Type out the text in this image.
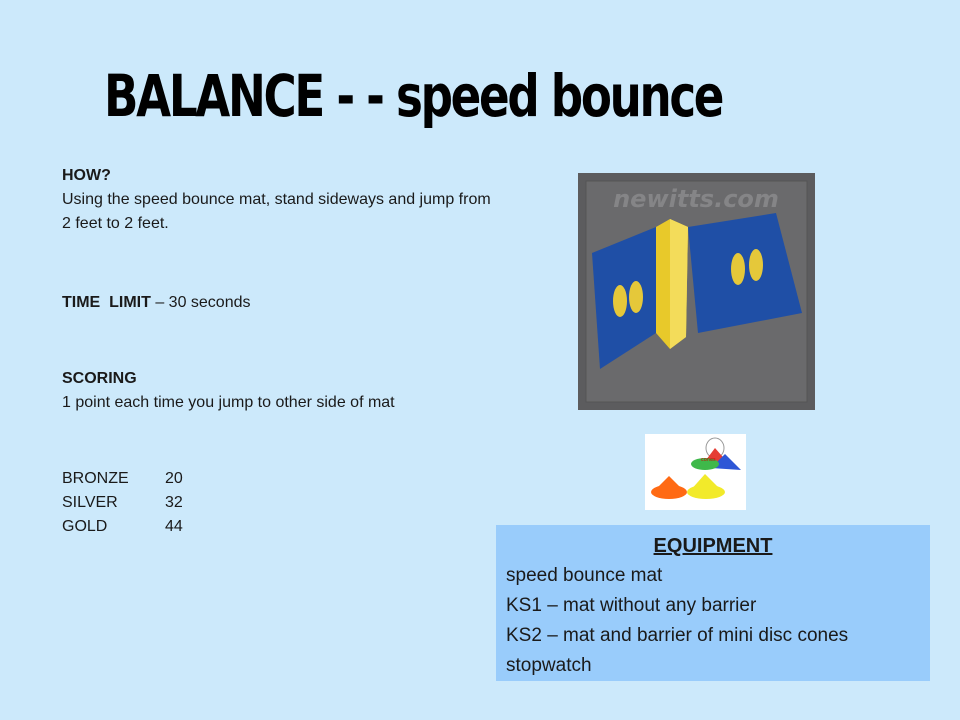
BALANCE - - speed bounce
HOW?
Using the speed bounce mat, stand sideways and jump from 2 feet to 2 feet.
TIME  LIMIT – 30 seconds
SCORING
1 point each time you jump to other side of mat
BRONZE	20
SILVER	32
GOLD	44
newitts.com
cones
EQUIPMENT
speed bounce mat
KS1 – mat without any barrier
KS2 – mat and barrier of mini disc cones
stopwatch
